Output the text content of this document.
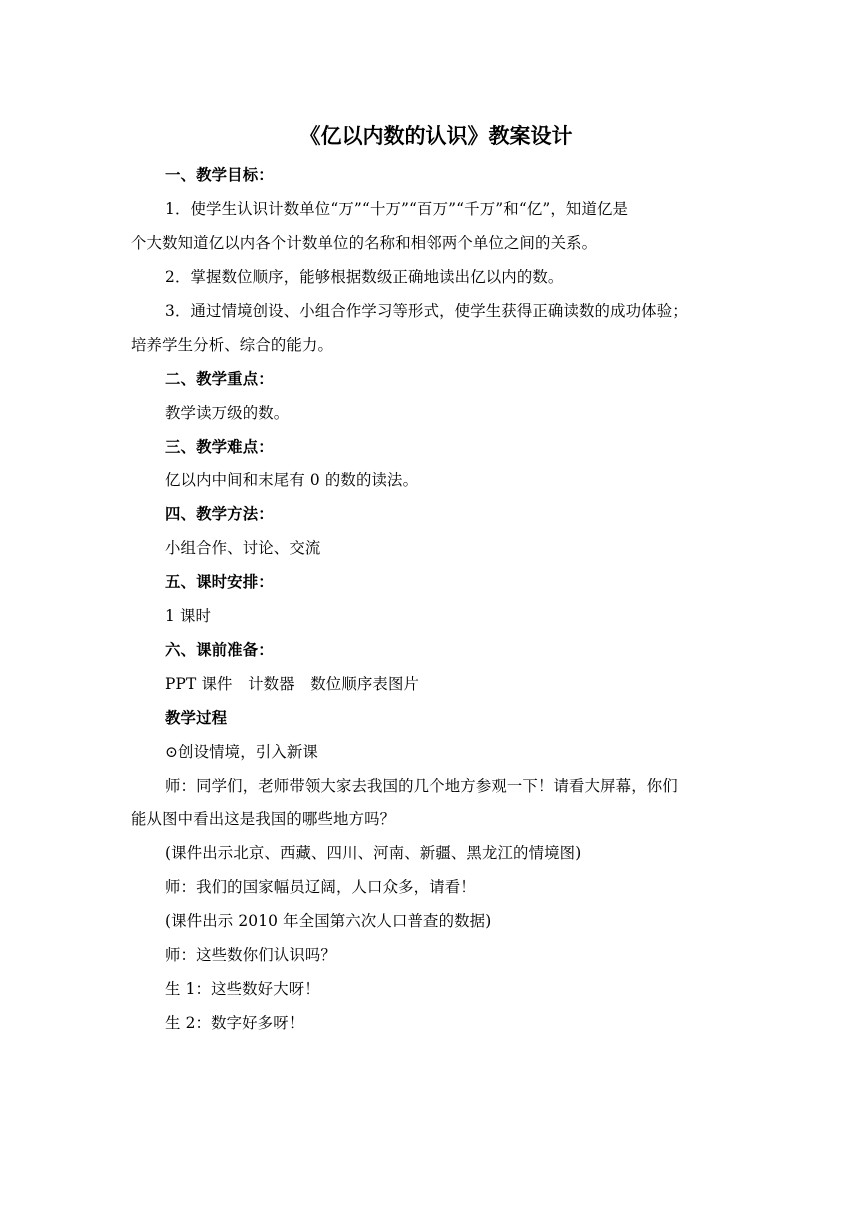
《亿以内数的认识》教案设计
一、教学目标：
1．使学生认识计数单位“万”“十万”“百万”“千万”和“亿”，知道亿是
个大数知道亿以内各个计数单位的名称和相邻两个单位之间的关系。
2．掌握数位顺序，能够根据数级正确地读出亿以内的数。
3．通过情境创设、小组合作学习等形式，使学生获得正确读数的成功体验；
培养学生分析、综合的能力。
二、教学重点：
教学读万级的数。
三、教学难点：
亿以内中间和末尾有 0 的数的读法。
四、教学方法：
小组合作、讨论、交流
五、课时安排：
1 课时
六、课前准备：
PPT 课件　计数器　数位顺序表图片
教学过程
⊙创设情境，引入新课
师：同学们，老师带领大家去我国的几个地方参观一下！请看大屏幕，你们
能从图中看出这是我国的哪些地方吗？
(课件出示北京、西藏、四川、河南、新疆、黑龙江的情境图)
师：我们的国家幅员辽阔，人口众多，请看！
(课件出示 2010 年全国第六次人口普查的数据)
师：这些数你们认识吗？
生 1：这些数好大呀！
生 2：数字好多呀！
